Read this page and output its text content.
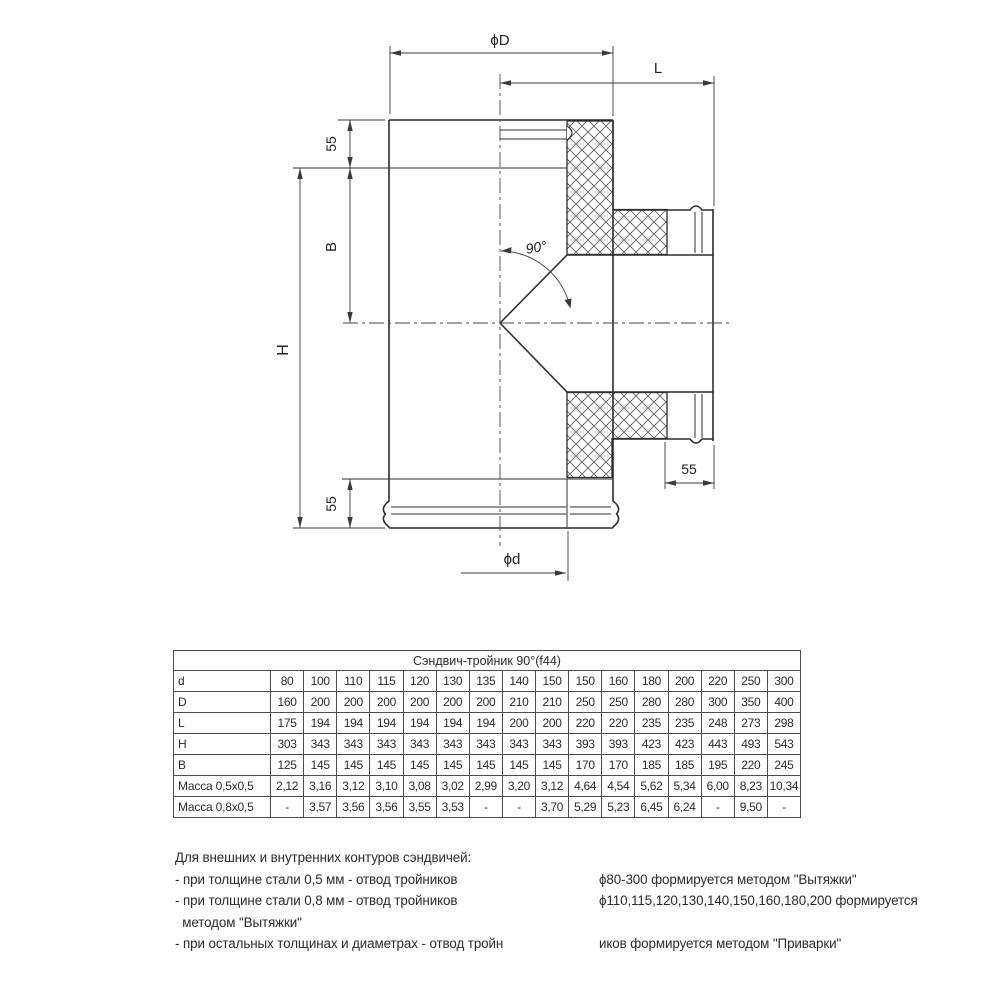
ϕD
L
55
B
H
55
55
ϕd
90°
Сэндвич-тройник 90°(f44)																
d	80	100	110	115	120	130	135	140	150	150	160	180	200	220	250	300
D	160	200	200	200	200	200	200	210	210	250	250	280	280	300	350	400
L	175	194	194	194	194	194	194	200	200	220	220	235	235	248	273	298
H	303	343	343	343	343	343	343	343	343	393	393	423	423	443	493	543
B	125	145	145	145	145	145	145	145	145	170	170	185	185	195	220	245
Масса 0,5x0,5	2,12	3,16	3,12	3,10	3,08	3,02	2,99	3,20	3,12	4,64	4,54	5,62	5,34	6,00	8,23	10,34
Масса 0,8x0,5	-	3,57	3,56	3,56	3,55	3,53	-	-	3,70	5,29	5,23	6,45	6,24	-	9,50	-
Для внешних и внутренних контуров сэндвичей:
- при толщине стали 0,5 мм - отвод тройников	ϕ80-300 формируется методом "Вытяжки"
- при толщине стали 0,8 мм - отвод тройников	ϕ110,115,120,130,140,150,160,180,200 формируется
методом "Вытяжки"
- при остальных толщинах и диаметрах - отвод тройн	иков формируется методом "Приварки"
